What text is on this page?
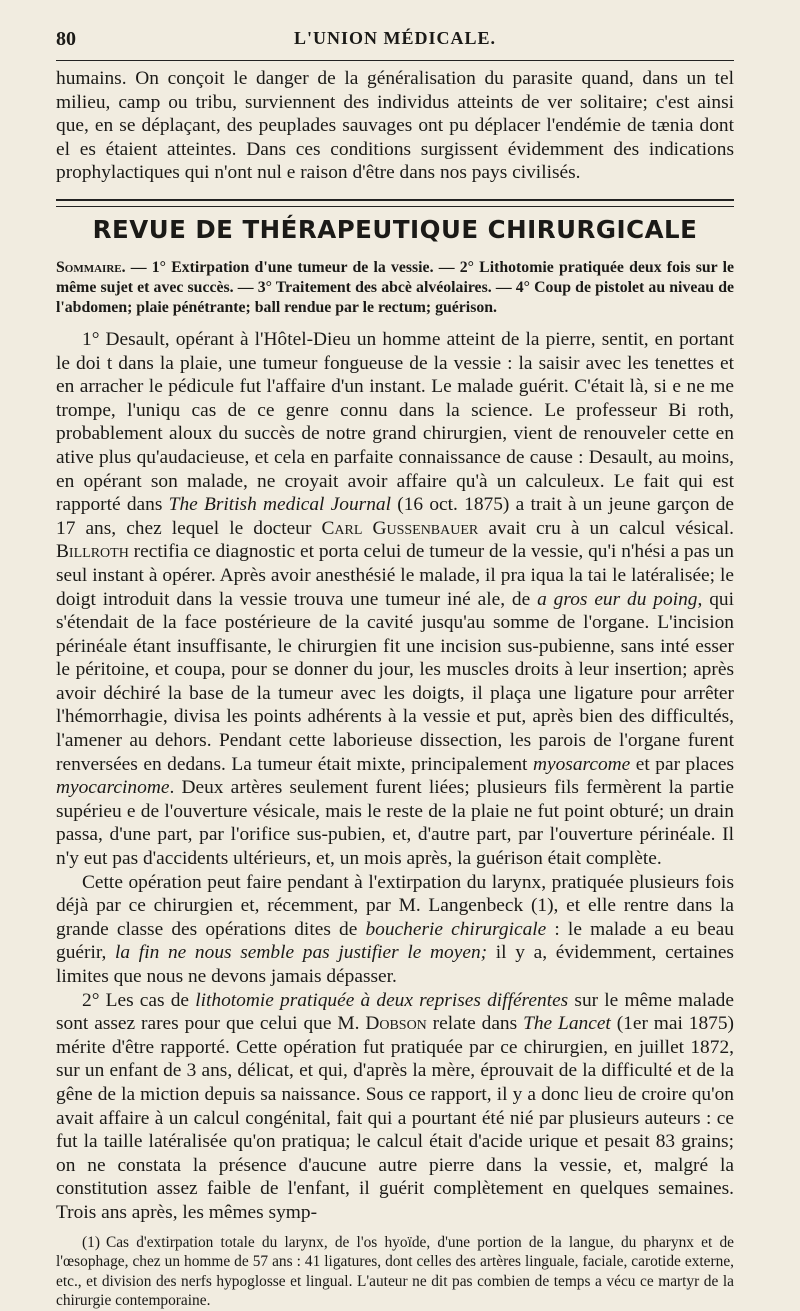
80	L'UNION MÉDICALE.

humains. On conçoit le danger de la généralisation du parasite quand, dans un tel milieu, camp ou tribu, surviennent des individus atteints de ver solitaire; c'est ainsi que, en se déplaçant, des peuplades sauvages ont pu déplacer l'endémie de tænia dont el es étaient atteintes. Dans ces conditions surgissent évidemment des indications prophylactiques qui n'ont nul e raison d'être dans nos pays civilisés.

REVUE DE THÉRAPEUTIQUE CHIRURGICALE

Sommaire. — 1° Extirpation d'une tumeur de la vessie. — 2° Lithotomie pratiquée deux fois sur le même sujet et avec succès. — 3° Traitement des abcè alvéolaires. — 4° Coup de pistolet au niveau de l'abdomen; plaie pénétrante; ball rendue par le rectum; guérison.

1° Desault, opérant à l'Hôtel-Dieu un homme atteint de la pierre, sentit, en portant le doi t dans la plaie, une tumeur fongueuse de la vessie : la saisir avec les tenettes et en arracher le pédicule fut l'affaire d'un instant. Le malade guérit. C'était là, si e ne me trompe, l'uniqu cas de ce genre connu dans la science. Le professeur Bi roth, probablement aloux du succès de notre grand chirurgien, vient de renouveler cette en ative plus qu'audacieuse, et cela en parfaite connaissance de cause : Desault, au moins, en opérant son malade, ne croyait avoir affaire qu'à un calculeux. Le fait qui est rapporté dans The British medical Journal (16 oct. 1875) a trait à un jeune garçon de 17 ans, chez lequel le docteur Carl Gussenbauer avait cru à un calcul vésical. Billroth rectifia ce diagnostic et porta celui de tumeur de la vessie, qu'i n'hési a pas un seul instant à opérer. Après avoir anesthésié le malade, il pra iqua la tai le latéralisée; le doigt introduit dans la vessie trouva une tumeur iné ale, de a gros eur du poing, qui s'étendait de la face postérieure de la cavité jusqu'au somme de l'organe. L'incision périnéale étant insuffisante, le chirurgien fit une incision sus-pubienne, sans inté esser le péritoine, et coupa, pour se donner du jour, les muscles droits à leur insertion; après avoir déchiré la base de la tumeur avec les doigts, il plaça une ligature pour arrêter l'hémorrhagie, divisa les points adhérents à la vessie et put, après bien des difficultés, l'amener au dehors. Pendant cette laborieuse dissection, les parois de l'organe furent renversées en dedans. La tumeur était mixte, principalement myosarcome et par places myocarcinome. Deux artères seulement furent liées; plusieurs fils fermèrent la partie supérieu e de l'ouverture vésicale, mais le reste de la plaie ne fut point obturé; un drain passa, d'une part, par l'orifice sus-pubien, et, d'autre part, par l'ouverture périnéale. Il n'y eut pas d'accidents ultérieurs, et, un mois après, la guérison était complète.

Cette opération peut faire pendant à l'extirpation du larynx, pratiquée plusieurs fois déjà par ce chirurgien et, récemment, par M. Langenbeck (1), et elle rentre dans la grande classe des opérations dites de boucherie chirurgicale : le malade a eu beau guérir, la fin ne nous semble pas justifier le moyen; il y a, évidemment, certaines limites que nous ne devons jamais dépasser.

2° Les cas de lithotomie pratiquée à deux reprises différentes sur le même malade sont assez rares pour que celui que M. Dobson relate dans The Lancet (1er mai 1875) mérite d'être rapporté. Cette opération fut pratiquée par ce chirurgien, en juillet 1872, sur un enfant de 3 ans, délicat, et qui, d'après la mère, éprouvait de la difficulté et de la gêne de la miction depuis sa naissance. Sous ce rapport, il y a donc lieu de croire qu'on avait affaire à un calcul congénital, fait qui a pourtant été nié par plusieurs auteurs : ce fut la taille latéralisée qu'on pratiqua; le calcul était d'acide urique et pesait 83 grains; on ne constata la présence d'aucune autre pierre dans la vessie, et, malgré la constitution assez faible de l'enfant, il guérit complètement en quelques semaines. Trois ans après, les mêmes symp-

(1) Cas d'extirpation totale du larynx, de l'os hyoïde, d'une portion de la langue, du pharynx et de l'œsophage, chez un homme de 57 ans : 41 ligatures, dont celles des artères linguale, faciale, carotide externe, etc., et division des nerfs hypoglosse et lingual. L'auteur ne dit pas combien de temps a vécu ce martyr de la chirurgie contemporaine.
